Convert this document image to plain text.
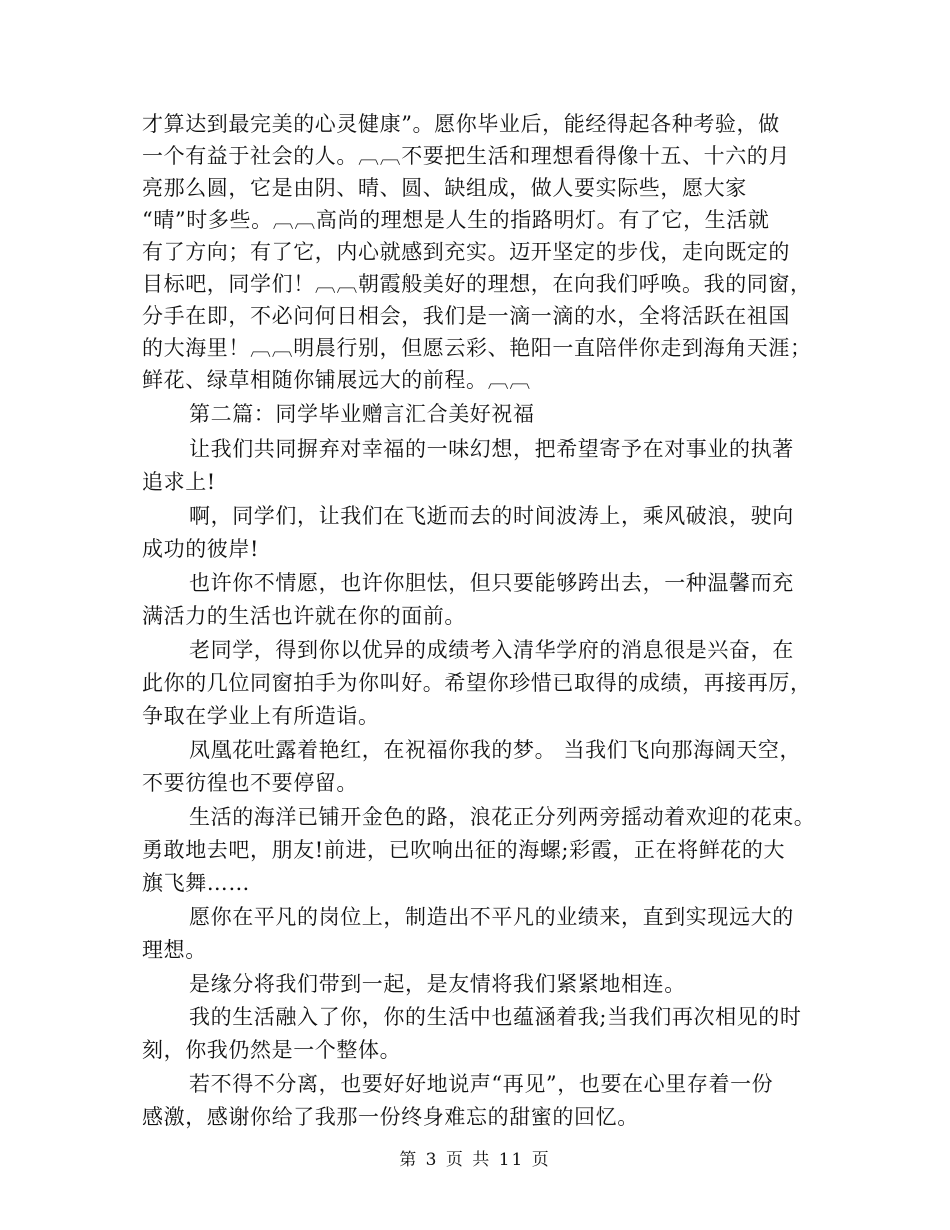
才算达到最完美的心灵健康”。愿你毕业后，能经得起各种考验，做
一个有益于社会的人。︹︹不要把生活和理想看得像十五、十六的月
亮那么圆，它是由阴、晴、圆、缺组成，做人要实际些，愿大家
“晴”时多些。︹︹高尚的理想是人生的指路明灯。有了它，生活就
有了方向；有了它，内心就感到充实。迈开坚定的步伐，走向既定的
目标吧，同学们！︹︹朝霞般美好的理想，在向我们呼唤。我的同窗，
分手在即，不必问何日相会，我们是一滴一滴的水，全将活跃在祖国
的大海里！︹︹明晨行别，但愿云彩、艳阳一直陪伴你走到海角天涯；
鲜花、绿草相随你铺展远大的前程。︹︹
第二篇：同学毕业赠言汇合美好祝福
让我们共同摒弃对幸福的一味幻想，把希望寄予在对事业的执著
追求上!
啊，同学们，让我们在飞逝而去的时间波涛上，乘风破浪，驶向
成功的彼岸!
也许你不情愿，也许你胆怯，但只要能够跨出去，一种温馨而充
满活力的生活也许就在你的面前。
老同学，得到你以优异的成绩考入清华学府的消息很是兴奋，在
此你的几位同窗拍手为你叫好。希望你珍惜已取得的成绩，再接再厉，
争取在学业上有所造诣。
凤凰花吐露着艳红，在祝福你我的梦。 当我们飞向那海阔天空，
不要彷徨也不要停留。
生活的海洋已铺开金色的路，浪花正分列两旁摇动着欢迎的花束。
勇敢地去吧，朋友!前进，已吹响出征的海螺;彩霞，正在将鲜花的大
旗飞舞……
愿你在平凡的岗位上，制造出不平凡的业绩来，直到实现远大的
理想。
是缘分将我们带到一起，是友情将我们紧紧地相连。
我的生活融入了你，你的生活中也蕴涵着我;当我们再次相见的时
刻，你我仍然是一个整体。
若不得不分离，也要好好地说声“再见”，也要在心里存着一份
感激，感谢你给了我那一份终身难忘的甜蜜的回忆。
第 3 页 共 11 页
